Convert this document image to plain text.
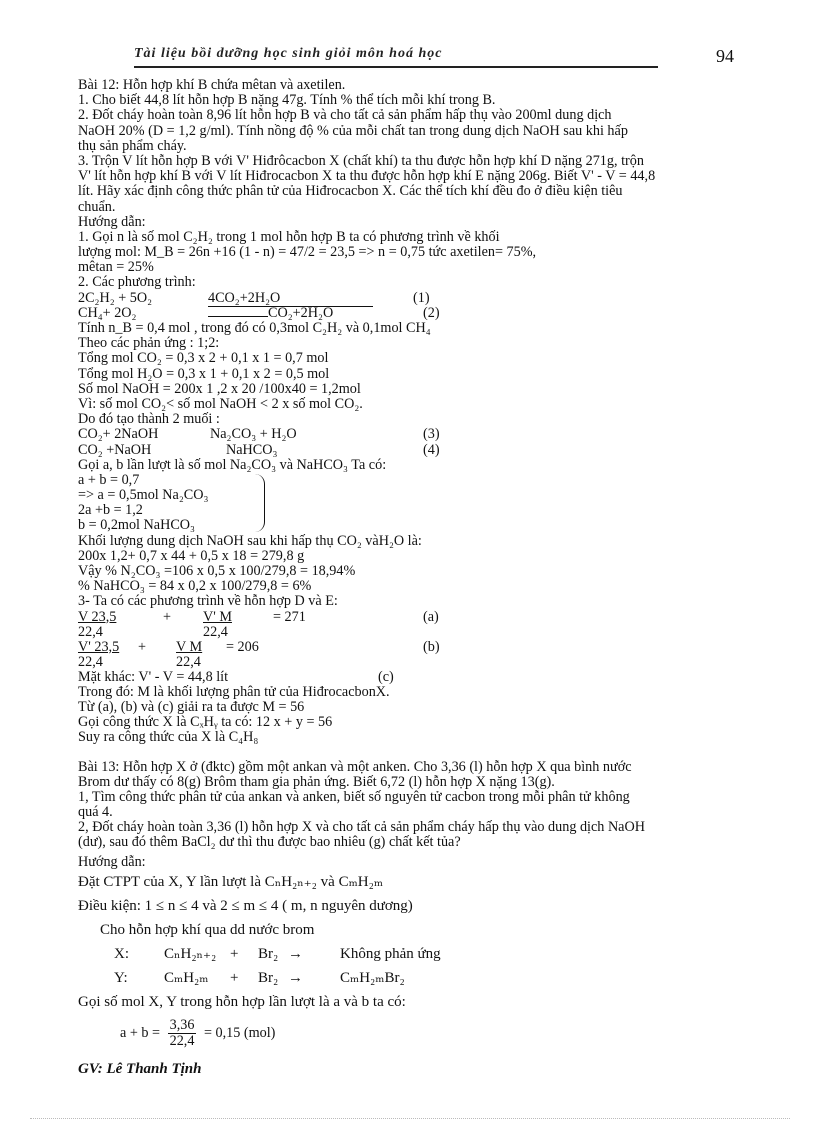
Tài liệu bồi dưỡng học sinh giỏi môn hoá học	94
Bài 12: Hỗn hợp khí B chứa mêtan và axetilen.
1. Cho biết 44,8 lít hỗn hợp B nặng 47g. Tính % thể tích mỗi khí trong B.
2. Đốt cháy hoàn toàn 8,96 lít hỗn hợp B và cho tất cả sản phẩm hấp thụ vào 200ml dung dịch
NaOH 20% (D = 1,2 g/ml). Tính nồng độ % của mỗi chất tan trong dung dịch NaOH sau khi hấp
thụ sản phẩm cháy.
3. Trộn V lít hỗn hợp B với V' Hiđrôcacbon X (chất khí) ta thu được hỗn hợp khí D nặng 271g, trộn
V' lít hỗn hợp khí B với V lít Hiđrocacbon X ta thu được hỗn hợp khí E nặng 206g. Biết V' - V = 44,8
lít. Hãy xác định công thức phân tử của Hiđrocacbon X. Các thể tích khí đều đo ở điều kiện tiêu
chuẩn.
Hướng dẫn:
1. Gọi n là số mol C₂H₂ trong 1 mol hỗn hợp B ta có phương trình về khối
lượng mol: M_B = 26n +16 (1 - n) = 47/2 = 23,5 => n = 0,75 tức axetilen= 75%,
mêtan = 25%
2. Các phương trình:
2C₂H₂ + 5O₂	4CO₂+2H₂O	(1)
CH₄+ 2O₂	CO₂+2H₂O	(2)
Tính n_B = 0,4 mol , trong đó có 0,3mol C₂H₂ và 0,1mol CH₄
Theo các phản ứng : 1;2:
Tổng mol CO₂ = 0,3 x 2 + 0,1 x 1 = 0,7 mol
Tổng mol H₂O = 0,3 x 1 + 0,1 x 2 = 0,5 mol
Số mol NaOH = 200x 1 ,2 x 20 /100x40 = 1,2mol
Vì: số mol CO₂< số mol NaOH < 2 x số mol CO₂.
Do đó tạo thành 2 muối :
CO₂+ 2NaOH	Na₂CO₃ + H₂O	(3)
CO₂ +NaOH	NaHCO₃	(4)
Gọi a, b lần lượt là số mol Na₂CO₃ và NaHCO₃ Ta có:
a + b = 0,7
=> a = 0,5mol Na₂CO₃
2a +b = 1,2
b = 0,2mol NaHCO₃
Khối lượng dung dịch NaOH sau khi hấp thụ CO₂ vàH₂O là:
200x 1,2+ 0,7 x 44 + 0,5 x 18 = 279,8 g
Vậy % N₂CO₃ =106 x 0,5 x 100/279,8 = 18,94%
% NaHCO₃ = 84 x 0,2 x 100/279,8 = 6%
3- Ta có các phương trình về hỗn hợp D và E:
$\frac{V 23,5}{22,4} + \frac{V' M}{22,4} = 271$	(a)
$\frac{V' 23,5}{22,4} + \frac{\text{V M}}{22,4} = 206$	(b)
Mặt khác: V' - V = 44,8 lít	(c)
Trong đó: M là khối lượng phân tử của HiđrocacbonX.
Từ (a), (b) và (c) giải ra ta được M = 56
Gọi công thức X là CₓHᵧ ta có: 12 x + y = 56
Suy ra công thức của X là C₄H₈
Bài 13: Hỗn hợp X ở (đktc) gồm một ankan và một anken. Cho 3,36 (l) hỗn hợp X qua bình nước
Brom dư thấy có 8(g) Brôm tham gia phản ứng. Biết 6,72 (l) hỗn hợp X nặng 13(g).
1, Tìm công thức phân tử của ankan và anken, biết số nguyên tử cacbon trong mỗi phân tử không
quá 4.
2, Đốt cháy hoàn toàn 3,36 (l) hỗn hợp X và cho tất cả sản phẩm cháy hấp thụ vào dung dịch NaOH
(dư), sau đó thêm BaCl₂ dư thì thu được bao nhiêu (g) chất kết tủa?
Hướng dẫn:
Đặt CTPT của X, Y lần lượt là CₙH₂ₙ₊₂ và CₘH₂ₘ
Điều kiện: 1 ≤ n ≤ 4 và 2 ≤ m ≤ 4 ( m, n nguyên dương)
Cho hỗn hợp khí qua dd nước brom
X: CₙH₂ₙ₊₂ + Br₂ → Không phản ứng
Y: CₘH₂ₘ + Br₂ → CₘH₂ₘBr₂
Gọi số mol X, Y trong hỗn hợp lần lượt là a và b ta có:
$a + b = \frac{3,36}{22,4} = 0,15$ (mol)
GV: Lê Thanh Tịnh
